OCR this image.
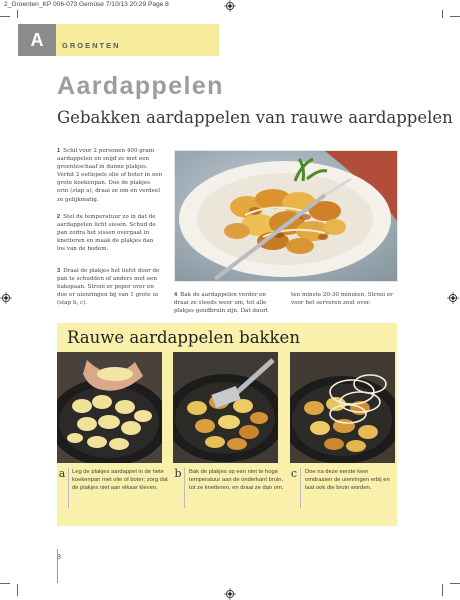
2_Groenten_KP 006-073 Gemüse 7/10/13 20:29 Page 8
A	GROENTEN
Aardappelen
Gebakken aardappelen van rauwe aardappelen
1 Schil voor 2 personen 400 gram aardappelen en snijd ze met een groenteschaaf in dunne plakjes. Verhit 2 eetlepels olie of boter in een grote koekenpan. Doe de plakjes erin (stap a), draai ze om en verdeel ze gelijkmatig.
2 Stel de temperatuur zo in dat de aardappelen licht sissen. Schud de pan zodra het sissen overgaat in knetteren en maak de plakjes dan los van de bodem.
3 Draai de plakjes het liefst door de pan te schudden of anders met een bakspaan. Strooi er peper over en doe er uienringen bij van 1 grote ui (stap b, c).
4 Bak de aardappelen verder en draai ze steeds weer om, tot alle plakjes goudbruin zijn. Dat duurt ten minste 20-30 minuten. Strooi er voor het serveren zout over.
Rauwe aardappelen bakken
a Leg de plakjes aardappel in de hete koekenpan met olie of boter; zorg dat de plakjes niet aan elkaar kleven.
b Bak de plakjes op een niet te hoge temperatuur aan de onderkant bruin, tot ze knetteren, en draai ze dan om.
c	Doe na deze eerste keer omdraaien de uienringen erbij en laat ook die bruin worden.
8
